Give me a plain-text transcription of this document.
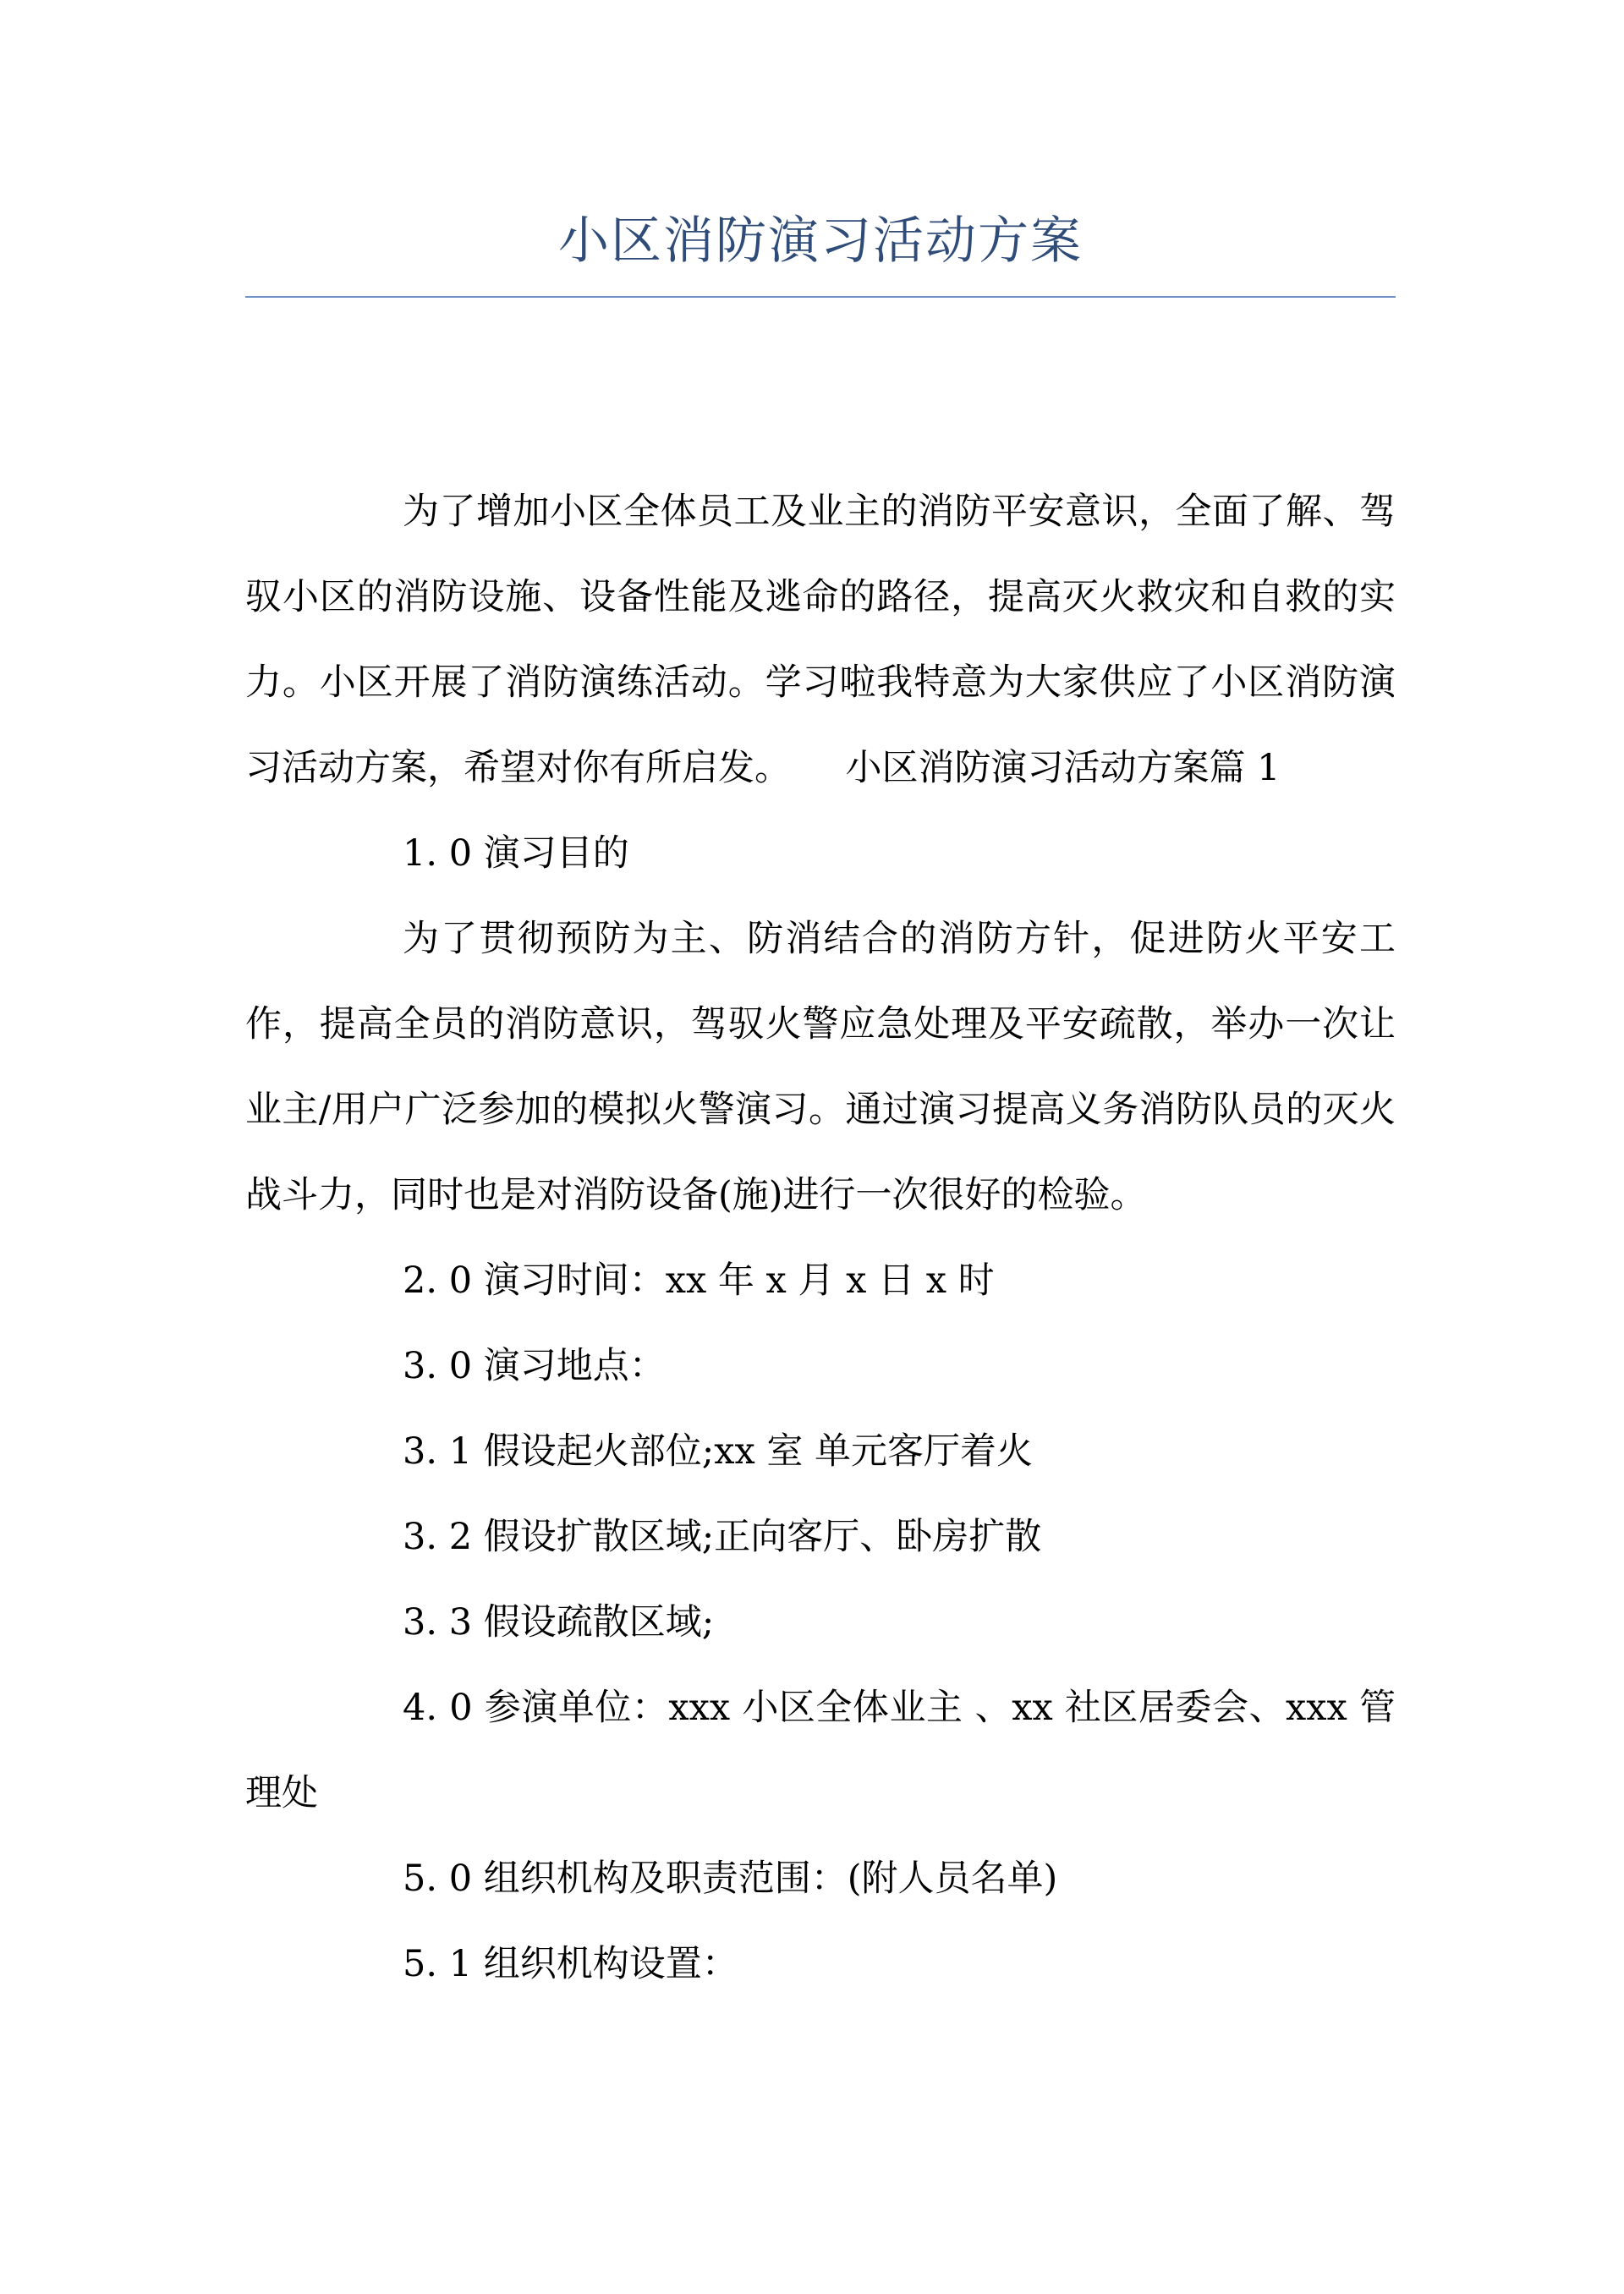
小区消防演习活动方案

为了增加小区全体员工及业主的消防平安意识，全面了解、驾驭小区的消防设施、设备性能及逃命的路径，提高灭火救灾和自救的实力。小区开展了消防演练活动。学习啦我特意为大家供应了小区消防演习活动方案，希望对你有所启发。　　小区消防演习活动方案篇 1

1. 0 演习目的

为了贯彻预防为主、防消结合的消防方针，促进防火平安工作，提高全员的消防意识，驾驭火警应急处理及平安疏散，举办一次让业主/用户广泛参加的模拟火警演习。通过演习提高义务消防队员的灭火战斗力，同时也是对消防设备(施)进行一次很好的检验。

2. 0 演习时间：xx 年 x 月 x 日 x 时

3. 0 演习地点：

3. 1 假设起火部位;xx 室 单元客厅着火

3. 2 假设扩散区域;正向客厅、卧房扩散

3. 3 假设疏散区域;

4. 0 参演单位：xxx 小区全体业主 、xx 社区居委会、xxx 管理处

5. 0 组织机构及职责范围：(附人员名单)

5. 1 组织机构设置：
